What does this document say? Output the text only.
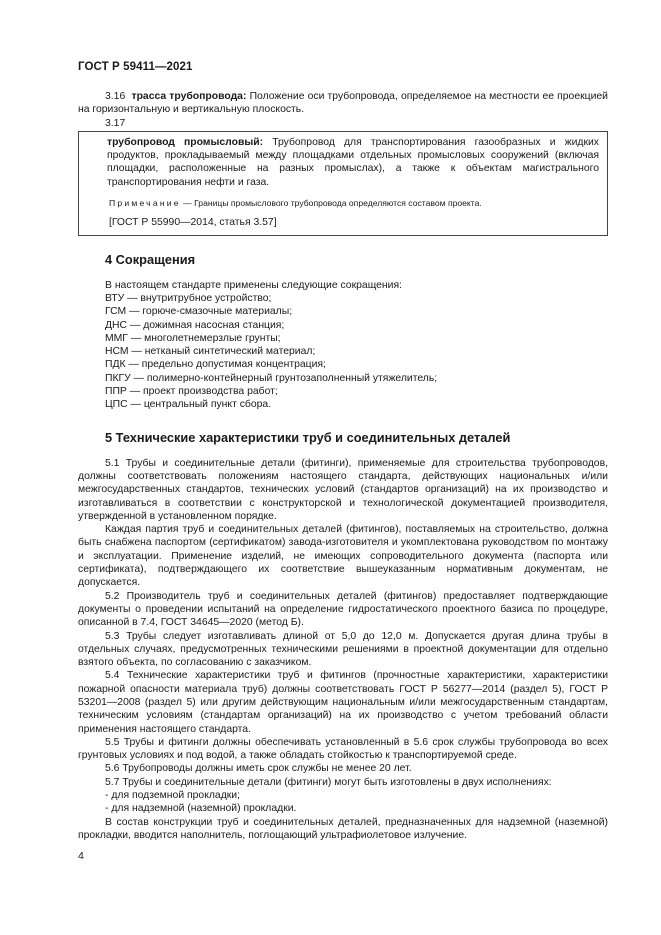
ГОСТ Р 59411—2021

3.16 трасса трубопровода: Положение оси трубопровода, определяемое на местности ее проекцией на горизонтальную и вертикальную плоскость.

3.17

трубопровод промысловый: Трубопровод для транспортирования газообразных и жидких продуктов, прокладываемый между площадками отдельных промысловых сооружений (включая площадки, расположенные на разных промыслах), а также к объектам магистрального транспортирования нефти и газа.

Примечание — Границы промыслового трубопровода определяются составом проекта.

[ГОСТ Р 55990—2014, статья 3.57]

4 Сокращения
В настоящем стандарте применены следующие сокращения:
ВТУ — внутритрубное устройство;
ГСМ — горюче-смазочные материалы;
ДНС — дожимная насосная станция;
ММГ — многолетнемерзлые грунты;
НСМ — нетканый синтетический материал;
ПДК — предельно допустимая концентрация;
ПКГУ — полимерно-контейнерный грунтозаполненный утяжелитель;
ППР — проект производства работ;
ЦПС — центральный пункт сбора.
5 Технические характеристики труб и соединительных деталей

5.1 Трубы и соединительные детали (фитинги), применяемые для строительства трубопроводов, должны соответствовать положениям настоящего стандарта, действующих национальных и/или межгосударственных стандартов, технических условий (стандартов организаций) на их производство и изготавливаться в соответствии с конструкторской и технологической документацией производителя, утвержденной в установленном порядке.

Каждая партия труб и соединительных деталей (фитингов), поставляемых на строительство, должна быть снабжена паспортом (сертификатом) завода-изготовителя и укомплектована руководством по монтажу и эксплуатации. Применение изделий, не имеющих сопроводительного документа (паспорта или сертификата), подтверждающего их соответствие вышеуказанным нормативным документам, не допускается.

5.2 Производитель труб и соединительных деталей (фитингов) предоставляет подтверждающие документы о проведении испытаний на определение гидростатического проектного базиса по процедуре, описанной в 7.4, ГОСТ 34645—2020 (метод Б).

5.3 Трубы следует изготавливать длиной от 5,0 до 12,0 м. Допускается другая длина трубы в отдельных случаях, предусмотренных техническими решениями в проектной документации для отдельно взятого объекта, по согласованию с заказчиком.

5.4 Технические характеристики труб и фитингов (прочностные характеристики, характеристики пожарной опасности материала труб) должны соответствовать ГОСТ Р 56277—2014 (раздел 5), ГОСТ Р 53201—2008 (раздел 5) или другим действующим национальным и/или межгосударственным стандартам, техническим условиям (стандартам организаций) на их производство с учетом требований области применения настоящего стандарта.

5.5 Трубы и фитинги должны обеспечивать установленный в 5.6 срок службы трубопровода во всех грунтовых условиях и под водой, а также обладать стойкостью к транспортируемой среде.

5.6 Трубопроводы должны иметь срок службы не менее 20 лет.

5.7 Трубы и соединительные детали (фитинги) могут быть изготовлены в двух исполнениях:

- для подземной прокладки;

- для надземной (наземной) прокладки.

В состав конструкции труб и соединительных деталей, предназначенных для надземной (наземной) прокладки, вводится наполнитель, поглощающий ультрафиолетовое излучение.

4
